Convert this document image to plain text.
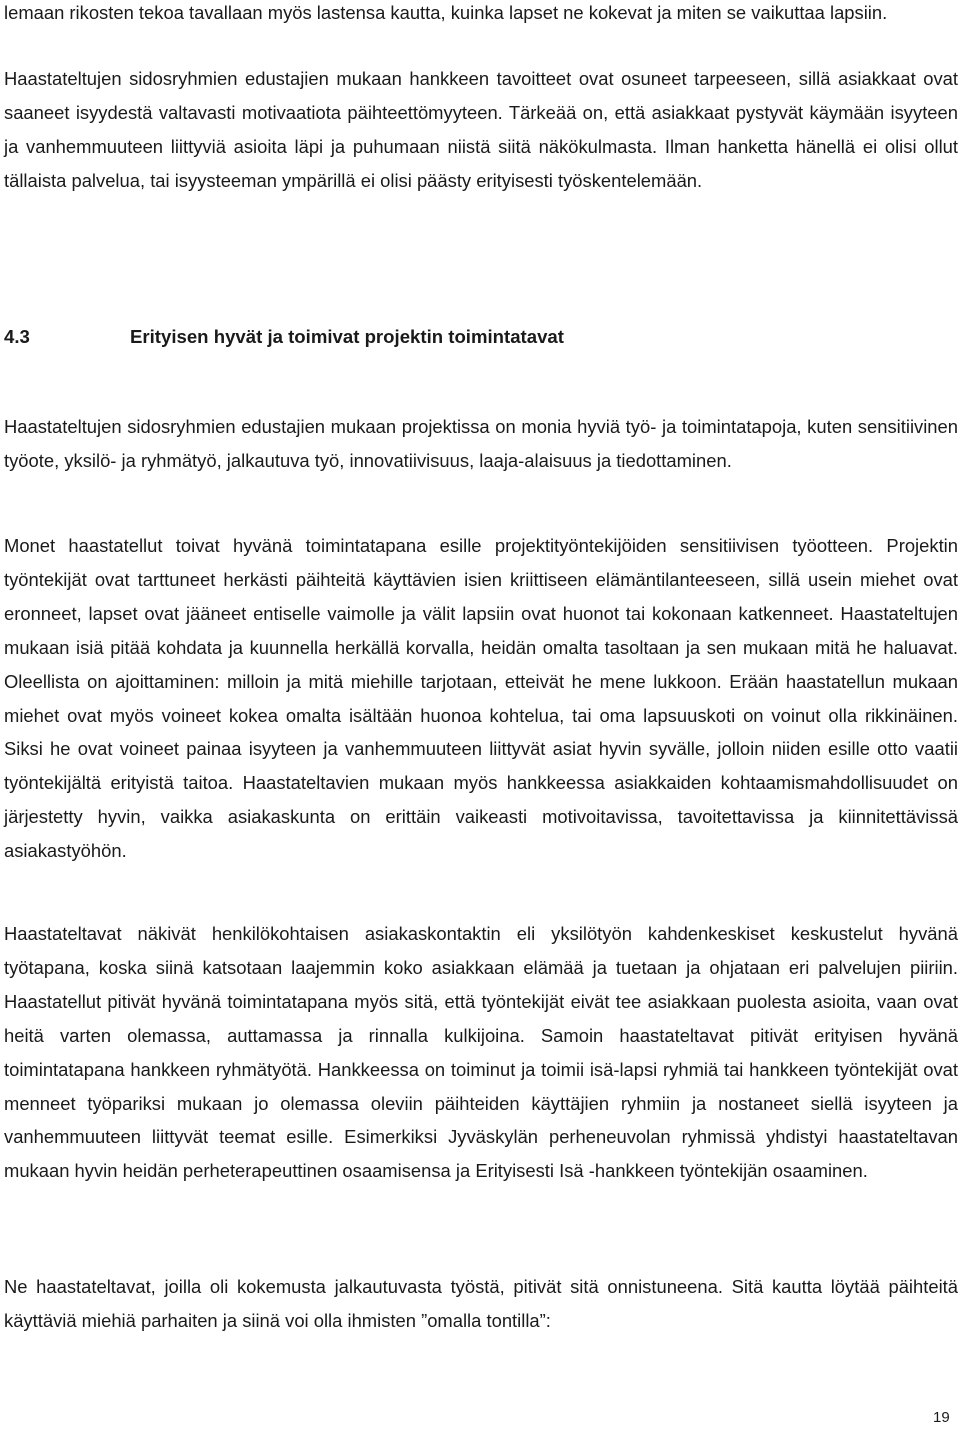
lemaan rikosten tekoa tavallaan myös lastensa kautta, kuinka lapset ne kokevat ja miten se vaikuttaa lapsiin.

Haastateltujen sidosryhmien edustajien mukaan hankkeen tavoitteet ovat osuneet tarpeeseen, sillä asiakkaat ovat saaneet isyydestä valtavasti motivaatiota päihteettömyyteen. Tärkeää on, että asiakkaat pystyvät käymään isyyteen ja vanhemmuuteen liittyviä asioita läpi ja puhumaan niistä siitä näkökulmasta. Ilman hanketta hänellä ei olisi ollut tällaista palvelua, tai isyysteeman ympärillä ei olisi päästy erityisesti työskentelemään.

4.3	Erityisen hyvät ja toimivat projektin toimintatavat

Haastateltujen sidosryhmien edustajien mukaan projektissa on monia hyviä työ- ja toimintatapoja, kuten sensitiivinen työote, yksilö- ja ryhmätyö, jalkautuva työ, innovatiivisuus, laaja-alaisuus ja tiedottaminen.

Monet haastatellut toivat hyvänä toimintatapana esille projektityöntekijöiden sensitiivisen työotteen. Projektin työntekijät ovat tarttuneet herkästi päihteitä käyttävien isien kriittiseen elämäntilanteeseen, sillä usein miehet ovat eronneet, lapset ovat jääneet entiselle vaimolle ja välit lapsiin ovat huonot tai kokonaan katkenneet. Haastateltujen mukaan isiä pitää kohdata ja kuunnella herkällä korvalla, heidän omalta tasoltaan ja sen mukaan mitä he haluavat. Oleellista on ajoittaminen: milloin ja mitä miehille tarjotaan, etteivät he mene lukkoon. Erään haastatellun mukaan miehet ovat myös voineet kokea omalta isältään huonoa kohtelua, tai oma lapsuuskoti on voinut olla rikkinäinen. Siksi he ovat voineet painaa isyyteen ja vanhemmuuteen liittyvät asiat hyvin syvälle, jolloin niiden esille otto vaatii työntekijältä erityistä taitoa. Haastateltavien mukaan myös hankkeessa asiakkaiden kohtaamismahdollisuudet on järjestetty hyvin, vaikka asiakaskunta on erittäin vaikeasti motivoitavissa, tavoitettavissa ja kiinnitettävissä asiakastyöhön.

Haastateltavat näkivät henkilökohtaisen asiakaskontaktin eli yksilötyön kahdenkeskiset keskustelut hyvänä työtapana, koska siinä katsotaan laajemmin koko asiakkaan elämää ja tuetaan ja ohjataan eri palvelujen piiriin. Haastatellut pitivät hyvänä toimintatapana myös sitä, että työntekijät eivät tee asiakkaan puolesta asioita, vaan ovat heitä varten olemassa, auttamassa ja rinnalla kulkijoina. Samoin haastateltavat pitivät erityisen hyvänä toimintatapana hankkeen ryhmätyötä. Hankkeessa on toiminut ja toimii isä-lapsi ryhmiä tai hankkeen työntekijät ovat menneet työpariksi mukaan jo olemassa oleviin päihteiden käyttäjien ryhmiin ja nostaneet siellä isyyteen ja vanhemmuuteen liittyvät teemat esille. Esimerkiksi Jyväskylän perheneuvolan ryhmissä yhdistyi haastateltavan mukaan hyvin heidän perheterapeuttinen osaamisensa ja Erityisesti Isä -hankkeen työntekijän osaaminen.

Ne haastateltavat, joilla oli kokemusta jalkautuvasta työstä, pitivät sitä onnistuneena. Sitä kautta löytää päihteitä käyttäviä miehiä parhaiten ja siinä voi olla ihmisten ”omalla tontilla”:

19
